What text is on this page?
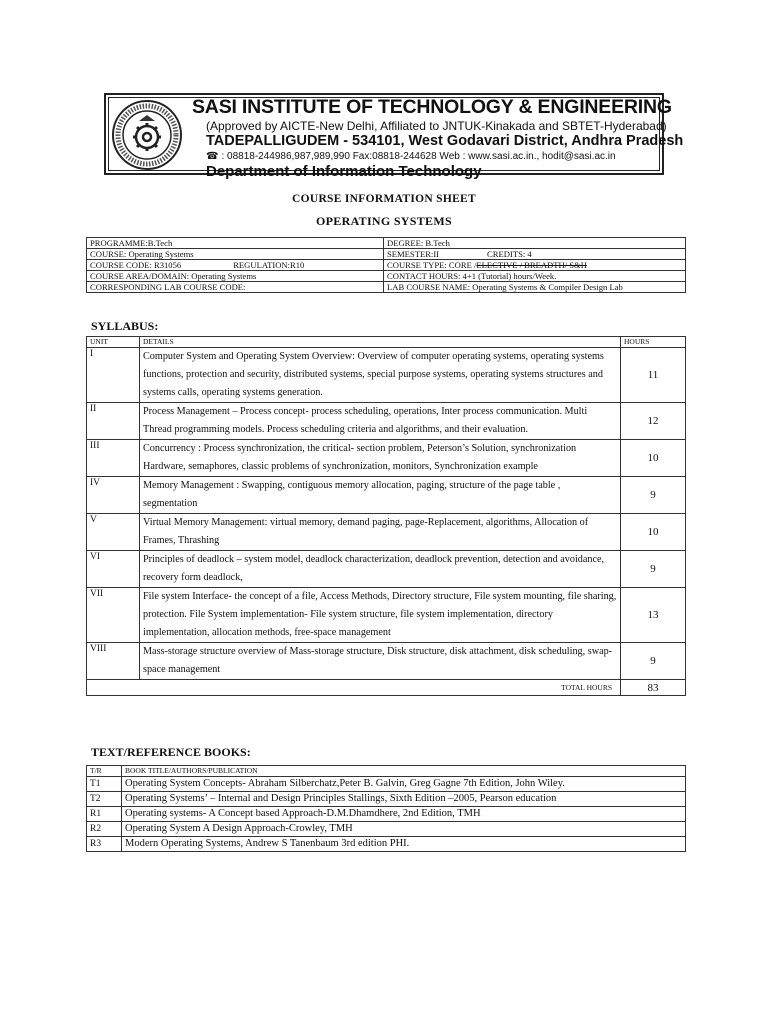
SASI INSTITUTE OF TECHNOLOGY & ENGINEERING
(Approved by AICTE-New Delhi, Affiliated to JNTUK-Kinakada and SBTET-Hyderabad)
TADEPALLIGUDEM - 534101, West Godavari District, Andhra Pradesh
☎ : 08818-244986,987,989,990 Fax:08818-244628 Web : www.sasi.ac.in., hodit@sasi.ac.in
Department of Information Technology
COURSE INFORMATION SHEET
OPERATING SYSTEMS
PROGRAMME:B.Tech	DEGREE: B.Tech
COURSE: Operating Systems	SEMESTER:II CREDITS: 4
COURSE CODE: R31056 REGULATION:R10	COURSE TYPE: CORE /ELECTIVE / BREADTH/ S&H
COURSE AREA/DOMAIN: Operating Systems	CONTACT HOURS: 4+1 (Tutorial) hours/Week.
CORRESPONDING LAB COURSE CODE:	LAB COURSE NAME: Operating Systems & Compiler Design Lab
SYLLABUS:
UNIT	DETAILS	HOURS
I	Computer System and Operating System Overview: Overview of computer operating systems, operating systems functions, protection and security, distributed systems, special purpose systems, operating systems structures and systems calls, operating systems generation.	11
II	Process Management – Process concept- process scheduling, operations, Inter process communication. Multi Thread programming models. Process scheduling criteria and algorithms, and their evaluation.	12
III	Concurrency : Process synchronization, the critical- section problem, Peterson’s Solution, synchronization Hardware, semaphores, classic problems of synchronization, monitors, Synchronization example	10
IV	Memory Management : Swapping, contiguous memory allocation, paging, structure of the page table , segmentation	9
V	Virtual Memory Management: virtual memory, demand paging, page-Replacement, algorithms, Allocation of Frames, Thrashing	10
VI	Principles of deadlock – system model, deadlock characterization, deadlock prevention, detection and avoidance, recovery form deadlock,	9
VII	File system Interface- the concept of a file, Access Methods, Directory structure, File system mounting, file sharing, protection. File System implementation- File system structure, file system implementation, directory implementation, allocation methods, free-space management	13
VIII	Mass-storage structure overview of Mass-storage structure, Disk structure, disk attachment, disk scheduling, swap-space management	9
TOTAL HOURS		83
TEXT/REFERENCE BOOKS:
T/R	BOOK TITLE/AUTHORS/PUBLICATION
T1	Operating System Concepts- Abraham Silberchatz,Peter B. Galvin, Greg Gagne 7th Edition, John Wiley.
T2	Operating Systems’ – Internal and Design Principles Stallings, Sixth Edition –2005, Pearson education
R1	Operating systems- A Concept based Approach-D.M.Dhamdhere, 2nd Edition, TMH
R2	Operating System A Design Approach-Crowley, TMH
R3	Modern Operating Systems, Andrew S Tanenbaum 3rd edition PHI.
